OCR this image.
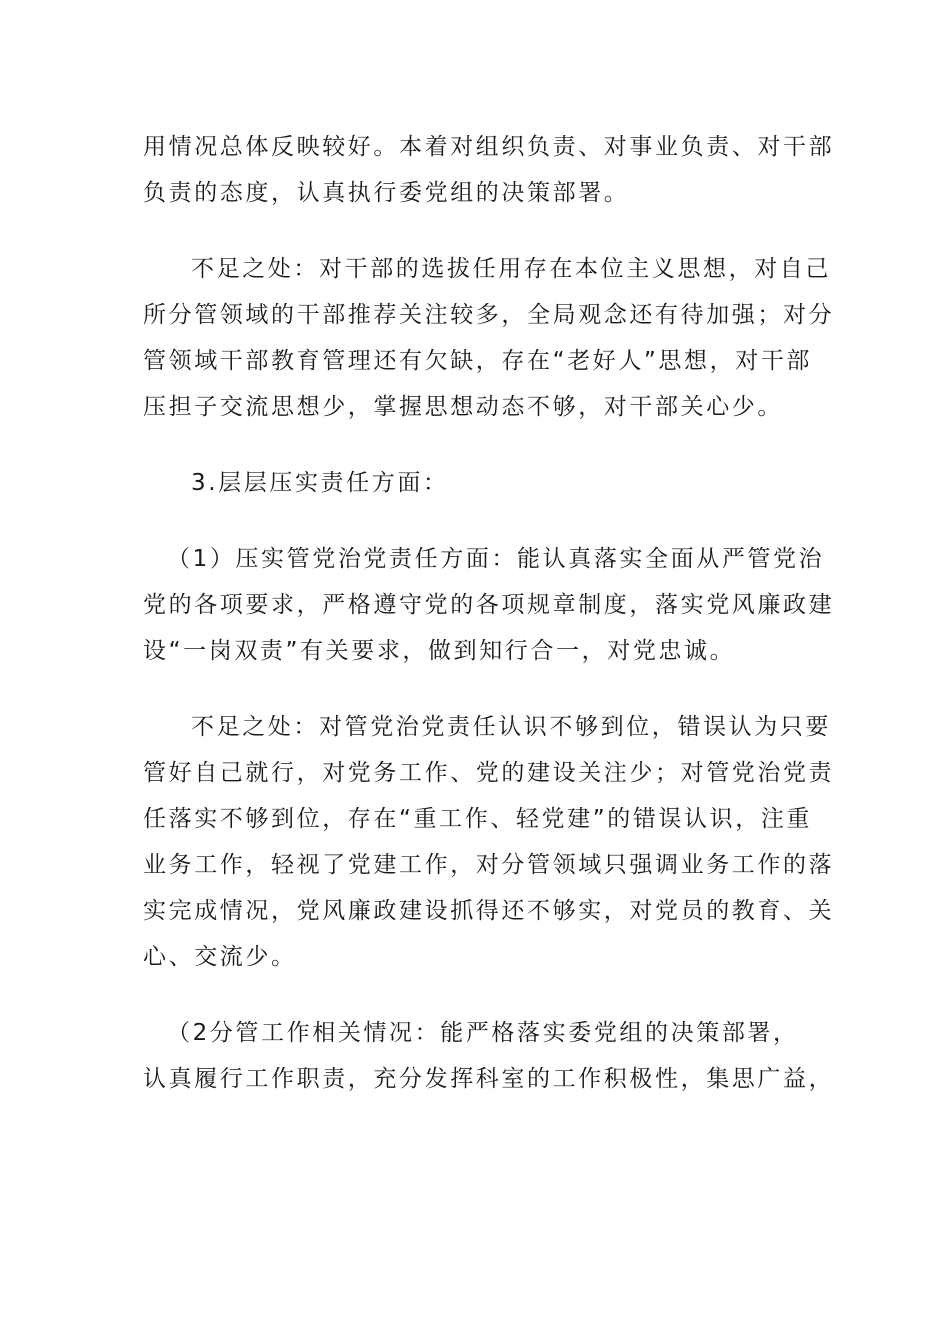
用情况总体反映较好。本着对组织负责、对事业负责、对干部
负责的态度，认真执行委党组的决策部署。

不足之处：对干部的选拔任用存在本位主义思想，对自己
所分管领域的干部推荐关注较多，全局观念还有待加强；对分
管领域干部教育管理还有欠缺，存在“老好人”思想，对干部
压担子交流思想少，掌握思想动态不够，对干部关心少。

3.层层压实责任方面：

（1）压实管党治党责任方面：能认真落实全面从严管党治
党的各项要求，严格遵守党的各项规章制度，落实党风廉政建
设“一岗双责”有关要求，做到知行合一，对党忠诚。

不足之处：对管党治党责任认识不够到位，错误认为只要
管好自己就行，对党务工作、党的建设关注少；对管党治党责
任落实不够到位，存在“重工作、轻党建”的错误认识，注重
业务工作，轻视了党建工作，对分管领域只强调业务工作的落
实完成情况，党风廉政建设抓得还不够实，对党员的教育、关
心、交流少。

（2分管工作相关情况：能严格落实委党组的决策部署，
认真履行工作职责，充分发挥科室的工作积极性，集思广益，
